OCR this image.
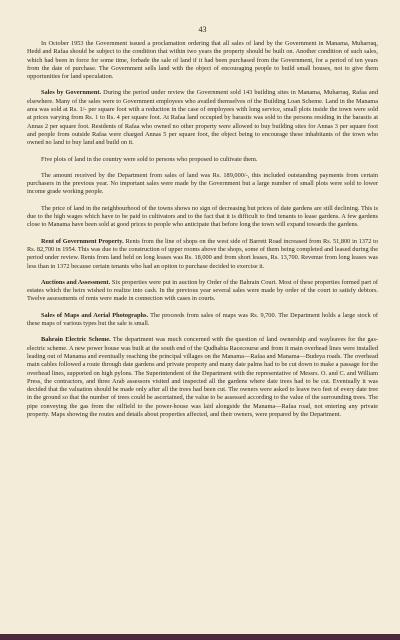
43

In October 1953 the Government issued a proclamation ordering that all sales of land by the Government in Manama, Muharraq, Hedd and Rafaa should be subject to the condition that within two years the property should be built on. Another condition of such sales, which had been in force for some time, forbade the sale of land if it had been purchased from the Government, for a period of ten years from the date of purchase. The Government sells land with the object of encouraging people to build small houses, not to give them opportunities for land speculation.

Sales by Government. During the period under review the Government sold 143 building sites in Manama, Muharraq, Rafaa and elsewhere. Many of the sales were to Government employees who availed themselves of the Building Loan Scheme. Land in the Manama area was sold at Rs. 1/- per square foot with a reduction in the case of employees with long service, small plots inside the town were sold at prices varying from Rs. 1 to Rs. 4 per square foot. At Rafaa land occupied by barastis was sold to the persons residing in the barastis at Annas 2 per square foot. Residents of Rafaa who owned no other property were allowed to buy building sites for Annas 3 per square foot and people from outside Rafaa were charged Annas 5 per square foot, the object being to encourage these inhabitants of the town who owned no land to buy land and build on it.

Five plots of land in the country were sold to persons who proposed to cultivate them.

The amount received by the Department from sales of land was Rs. 189,000/-, this included outstanding payments from certain purchasers in the previous year. No important sales were made by the Government but a large number of small plots were sold to lower income grade working people.

The price of land in the neighbourhood of the towns shows no sign of decreasing but prices of date gardens are still declining. This is due to the high wages which have to be paid to cultivators and to the fact that it is difficult to find tenants to lease gardens. A few gardens close to Manama have been sold at good prices to people who anticipate that before long the town will expand towards the gardens.

Rent of Government Property. Rents from the line of shops on the west side of Barrett Road increased from Rs. 51,800 in 1372 to Rs. 82,700 in 1954. This was due to the construction of upper rooms above the shops, some of them being completed and leased during the period under review. Rents from land held on long leases was Rs. 18,000 and from short leases, Rs. 13,700. Revenue from long leases was less than in 1372 because certain tenants who had an option to purchase decided to exercise it.

Auctions and Assessment. Six properties were put in auction by Order of the Bahrain Court. Most of these properties formed part of estates which the heirs wished to realize into cash. In the previous year several sales were made by order of the court to satisfy debtors. Twelve assessments of rents were made in connection with cases in courts.

Sales of Maps and Aerial Photographs. The proceeds from sales of maps was Rs. 9,700. The Department holds a large stock of these maps of various types but the sale is small.

Bahrain Electric Scheme. The department was much concerned with the question of land ownership and wayleaves for the gas-electric scheme. A new power house was built at the south end of the Qudhabia Racecourse and from it main overhead lines were installed leading out of Manama and eventually reaching the principal villages on the Manama—Rafaa and Manama—Budeya roads. The overhead main cables followed a route through date gardens and private property and many date palms had to be cut down to make a passage for the overhead lines, supported on high pylons. The Superintendent of the Department with the representative of Messrs. O. and C. and William Press, the contractors, and three Arab assessors visited and inspected all the gardens where date trees had to be cut. Eventually it was decided that the valuation should be made only after all the trees had been cut. The owners were asked to leave two feet of every date tree in the ground so that the number of trees could be ascertained, the value to be assessed according to the value of the surrounding trees. The pipe conveying the gas from the oilfield to the power-house was laid alongside the Manama—Rafaa road, not entering any private property. Maps showing the routes and details about properties affected, and their owners, were prepared by the Department.
